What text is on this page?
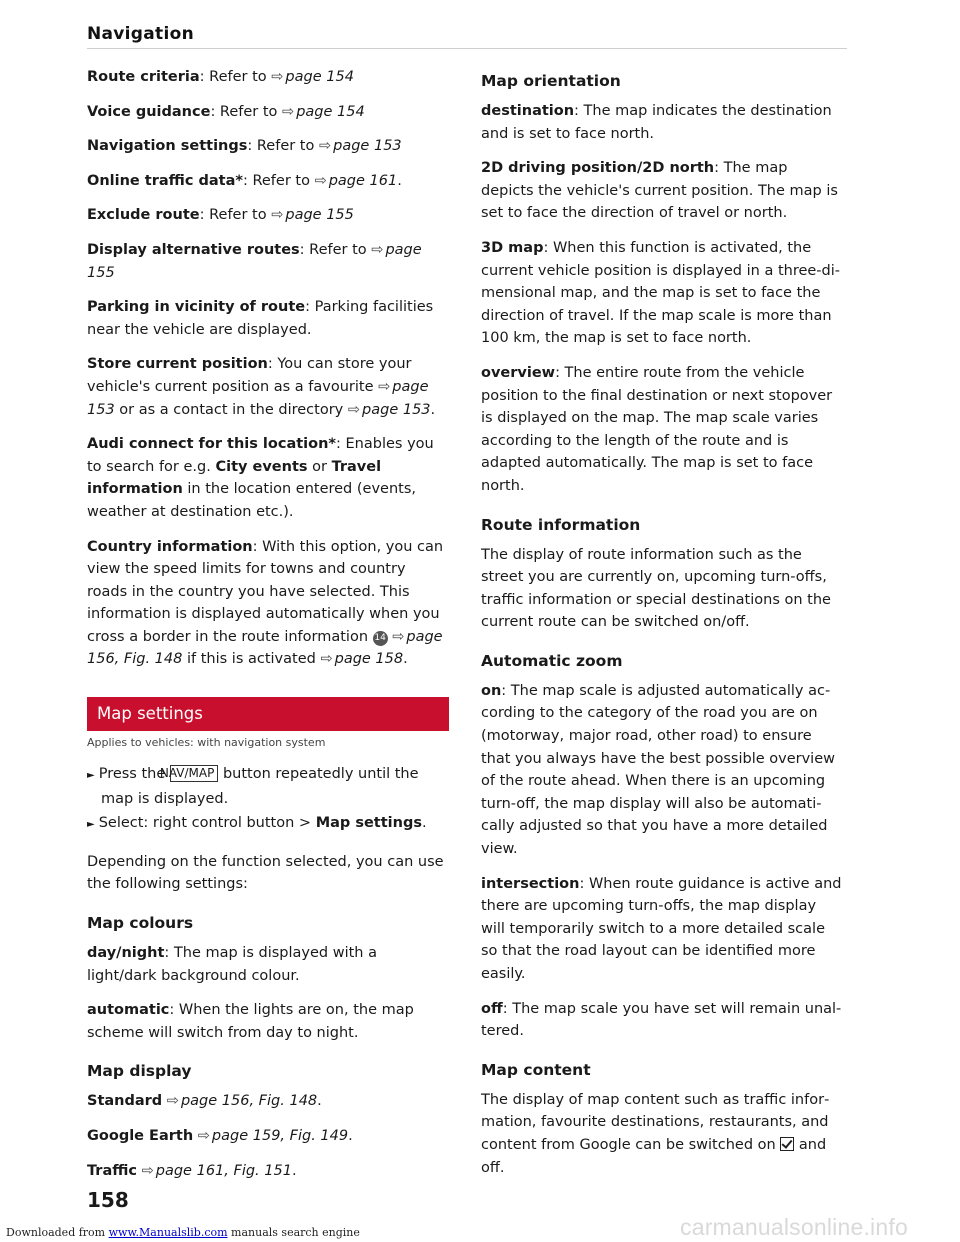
Navigation

Route criteria: Refer to ⇨ page 154

Voice guidance: Refer to ⇨ page 154

Navigation settings: Refer to ⇨ page 153

Online traffic data*: Refer to ⇨ page 161.

Exclude route: Refer to ⇨ page 155

Display alternative routes: Refer to ⇨ page 155

Parking in vicinity of route: Parking facilities near the vehicle are displayed.

Store current position: You can store your vehicle's current position as a favourite ⇨ page 153 or as a contact in the directory ⇨ page 153.

Audi connect for this location*: Enables you to search for e.g. City events or Travel information in the location entered (events, weather at destination etc.).

Country information: With this option, you can view the speed limits for towns and country roads in the country you have selected. This information is displayed automatically when you cross a border in the route information 14 ⇨ page 156, Fig. 148 if this is activated ⇨ page 158.

Map settings
Applies to vehicles: with navigation system

► Press the NAV/MAP button repeatedly until the map is displayed.

► Select: right control button > Map settings.

Depending on the function selected, you can use the following settings:

Map colours

day/night: The map is displayed with a light/dark background colour.

automatic: When the lights are on, the map scheme will switch from day to night.

Map display

Standard ⇨ page 156, Fig. 148.

Google Earth ⇨ page 159, Fig. 149.

Traffic ⇨ page 161, Fig. 151.

Map orientation

destination: The map indicates the destination and is set to face north.

2D driving position/2D north: The map depicts the vehicle's current position. The map is set to face the direction of travel or north.

3D map: When this function is activated, the current vehicle position is displayed in a three-dimensional map, and the map is set to face the direction of travel. If the map scale is more than 100 km, the map is set to face north.

overview: The entire route from the vehicle position to the final destination or next stopover is displayed on the map. The map scale varies according to the length of the route and is adapted automatically. The map is set to face north.

Route information

The display of route information such as the street you are currently on, upcoming turn-offs, traffic information or special destinations on the current route can be switched on/off.

Automatic zoom

on: The map scale is adjusted automatically according to the category of the road you are on (motorway, major road, other road) to ensure that you always have the best possible overview of the route ahead. When there is an upcoming turn-off, the map display will also be automatically adjusted so that you have a more detailed view.

intersection: When route guidance is active and there are upcoming turn-offs, the map display will temporarily switch to a more detailed scale so that the road layout can be identified more easily.

off: The map scale you have set will remain unaltered.

Map content

The display of map content such as traffic information, favourite destinations, restaurants, and content from Google can be switched on  and off.

158
Downloaded from www.Manualslib.com manuals search engine	carmanualsonline.info
